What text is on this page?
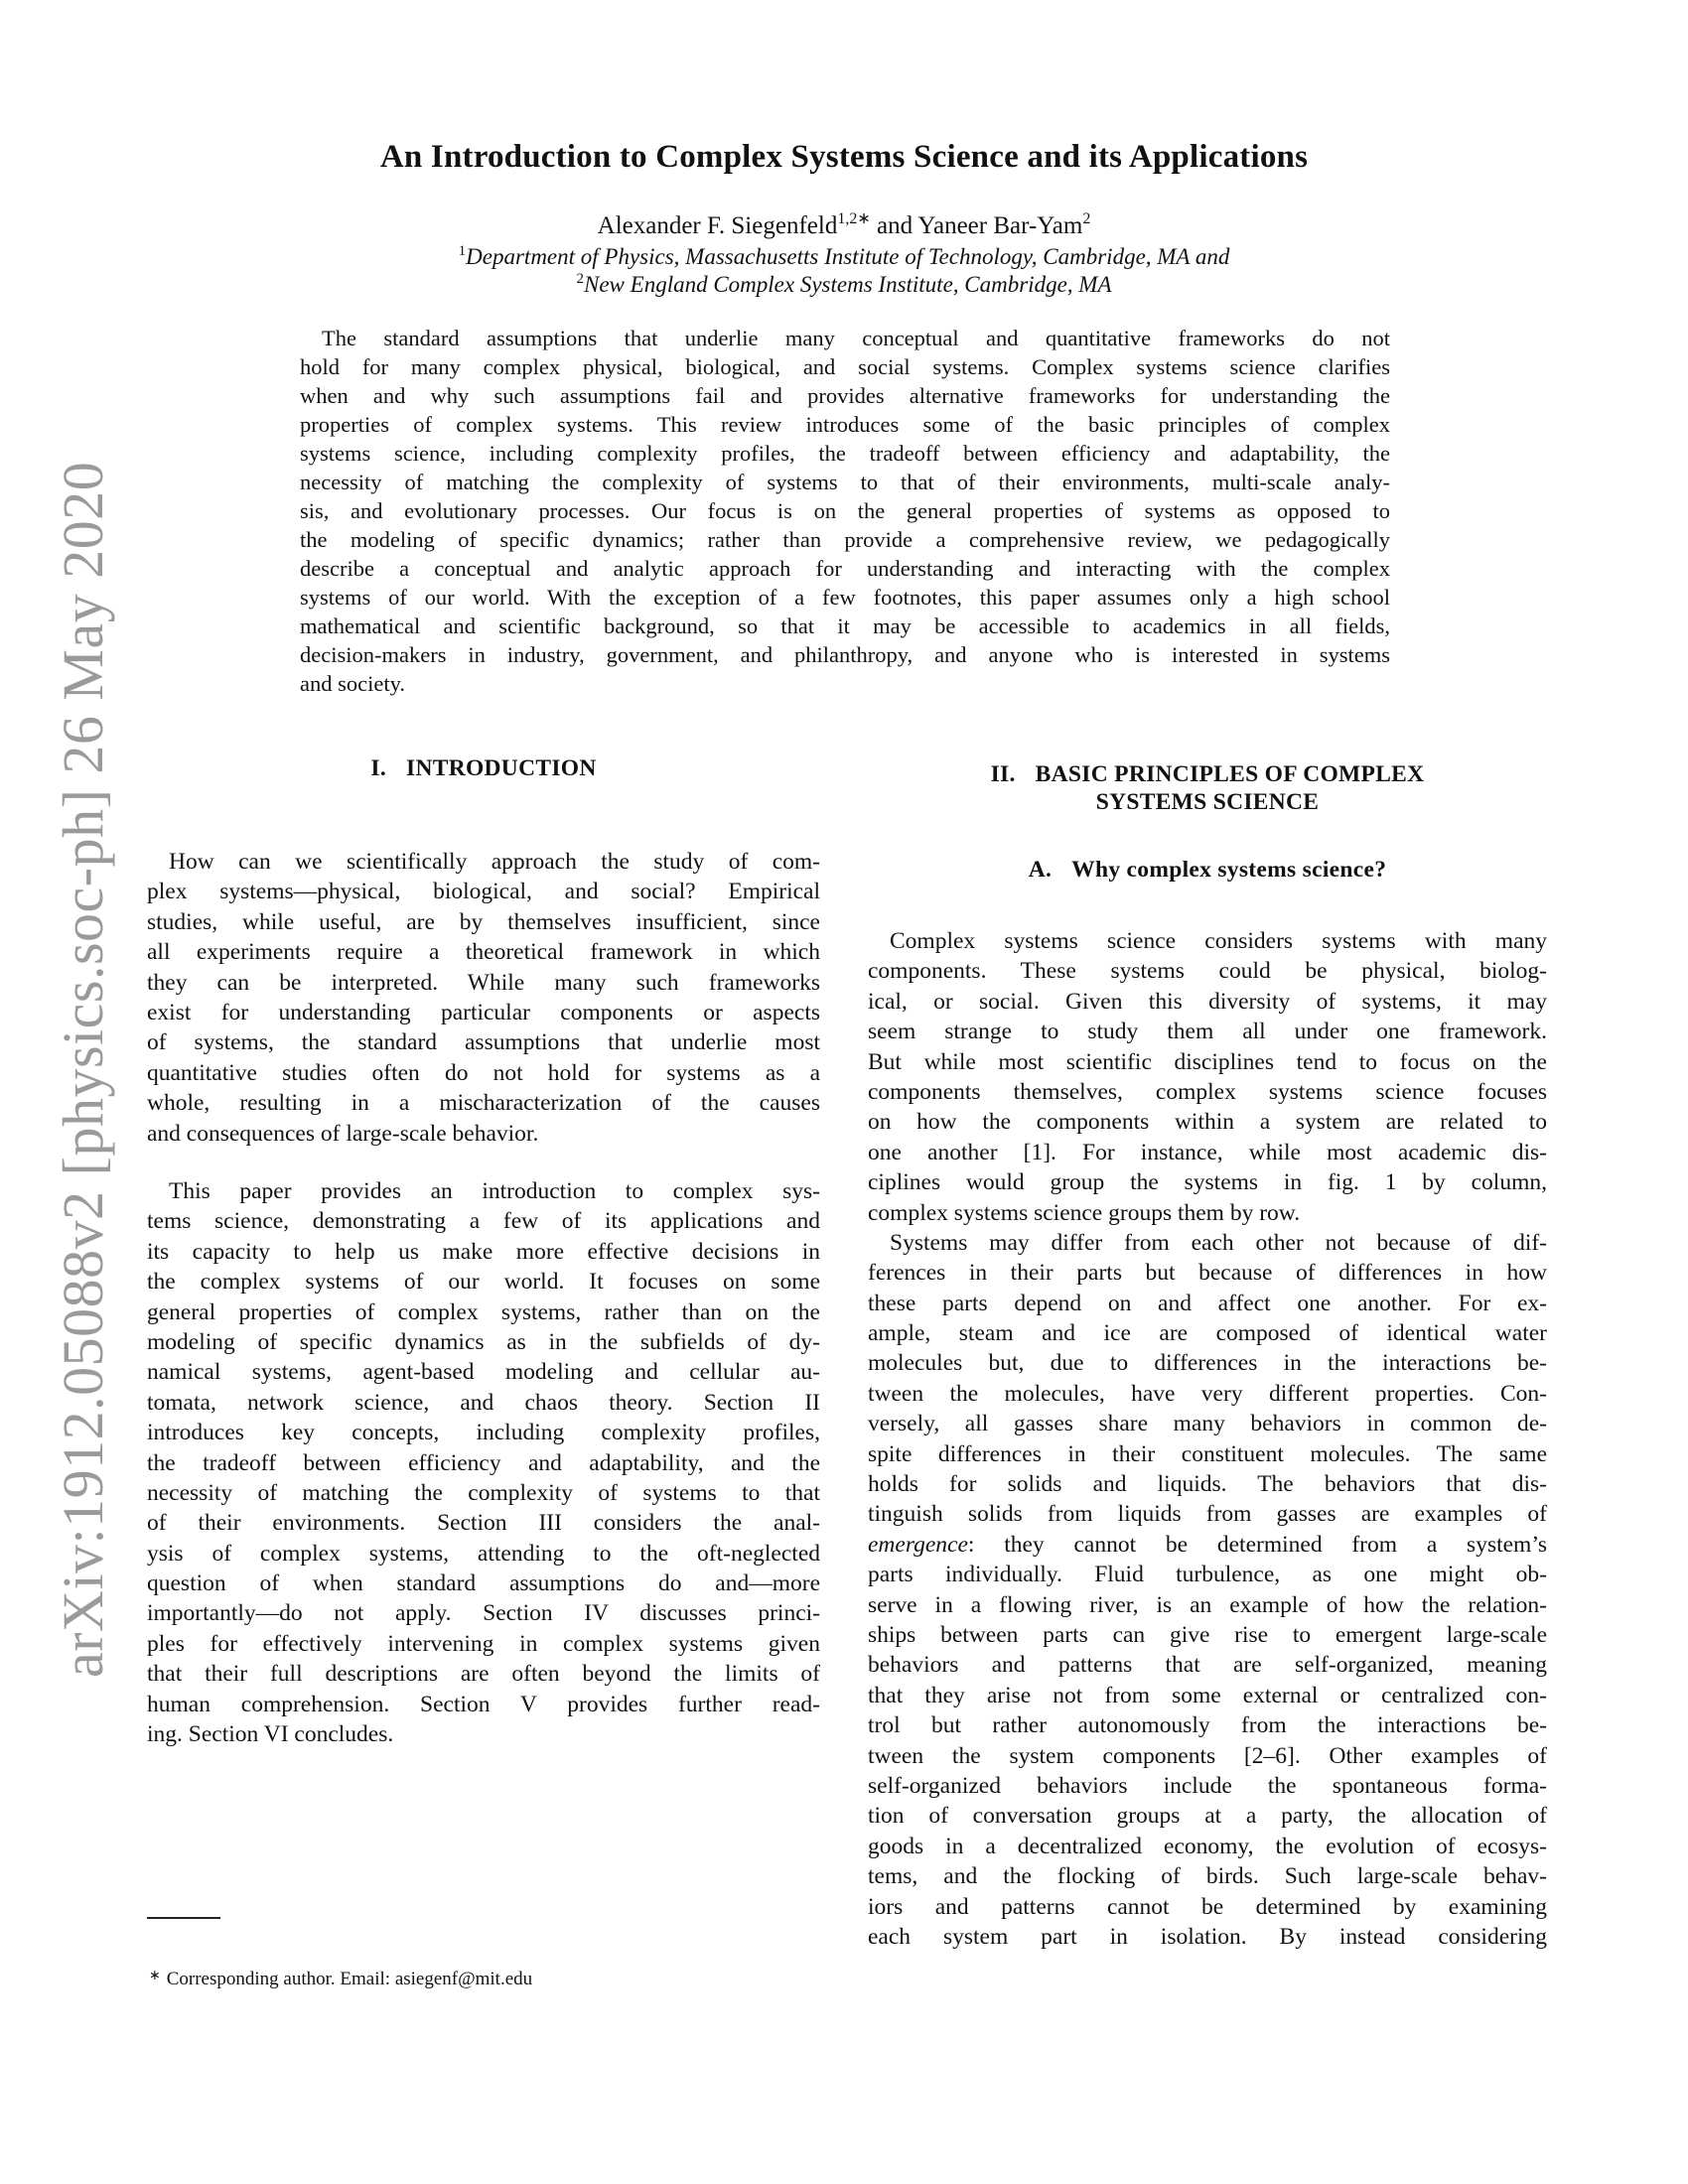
arXiv:1912.05088v2 [physics.soc-ph] 26 May 2020
An Introduction to Complex Systems Science and its Applications
Alexander F. Siegenfeld$^{1,2∗}$ and Yaneer Bar-Yam$^2$
$^1$Department of Physics, Massachusetts Institute of Technology, Cambridge, MA and
$^2$New England Complex Systems Institute, Cambridge, MA
The standard assumptions that underlie many conceptual and quantitative frameworks do not
hold for many complex physical, biological, and social systems. Complex systems science clarifies
when and why such assumptions fail and provides alternative frameworks for understanding the
properties of complex systems. This review introduces some of the basic principles of complex
systems science, including complexity profiles, the tradeoff between efficiency and adaptability, the
necessity of matching the complexity of systems to that of their environments, multi-scale analy-
sis, and evolutionary processes. Our focus is on the general properties of systems as opposed to
the modeling of specific dynamics; rather than provide a comprehensive review, we pedagogically
describe a conceptual and analytic approach for understanding and interacting with the complex
systems of our world. With the exception of a few footnotes, this paper assumes only a high school
mathematical and scientific background, so that it may be accessible to academics in all fields,
decision-makers in industry, government, and philanthropy, and anyone who is interested in systems
and society.
I. INTRODUCTION
How can we scientifically approach the study of com-
plex systems—physical, biological, and social? Empirical
studies, while useful, are by themselves insufficient, since
all experiments require a theoretical framework in which
they can be interpreted. While many such frameworks
exist for understanding particular components or aspects
of systems, the standard assumptions that underlie most
quantitative studies often do not hold for systems as a
whole, resulting in a mischaracterization of the causes
and consequences of large-scale behavior.
This paper provides an introduction to complex sys-
tems science, demonstrating a few of its applications and
its capacity to help us make more effective decisions in
the complex systems of our world. It focuses on some
general properties of complex systems, rather than on the
modeling of specific dynamics as in the subfields of dy-
namical systems, agent-based modeling and cellular au-
tomata, network science, and chaos theory. Section II
introduces key concepts, including complexity profiles,
the tradeoff between efficiency and adaptability, and the
necessity of matching the complexity of systems to that
of their environments. Section III considers the anal-
ysis of complex systems, attending to the oft-neglected
question of when standard assumptions do and—more
importantly—do not apply. Section IV discusses princi-
ples for effectively intervening in complex systems given
that their full descriptions are often beyond the limits of
human comprehension. Section V provides further read-
ing. Section VI concludes.
∗ Corresponding author. Email: asiegenf@mit.edu
II. BASIC PRINCIPLES OF COMPLEX
SYSTEMS SCIENCE
A. Why complex systems science?
Complex systems science considers systems with many
components. These systems could be physical, biolog-
ical, or social. Given this diversity of systems, it may
seem strange to study them all under one framework.
But while most scientific disciplines tend to focus on the
components themselves, complex systems science focuses
on how the components within a system are related to
one another [1]. For instance, while most academic dis-
ciplines would group the systems in fig. 1 by column,
complex systems science groups them by row.
Systems may differ from each other not because of dif-
ferences in their parts but because of differences in how
these parts depend on and affect one another. For ex-
ample, steam and ice are composed of identical water
molecules but, due to differences in the interactions be-
tween the molecules, have very different properties. Con-
versely, all gasses share many behaviors in common de-
spite differences in their constituent molecules. The same
holds for solids and liquids. The behaviors that dis-
tinguish solids from liquids from gasses are examples of
emergence: they cannot be determined from a system’s
parts individually. Fluid turbulence, as one might ob-
serve in a flowing river, is an example of how the relation-
ships between parts can give rise to emergent large-scale
behaviors and patterns that are self-organized, meaning
that they arise not from some external or centralized con-
trol but rather autonomously from the interactions be-
tween the system components [2–6]. Other examples of
self-organized behaviors include the spontaneous forma-
tion of conversation groups at a party, the allocation of
goods in a decentralized economy, the evolution of ecosys-
tems, and the flocking of birds. Such large-scale behav-
iors and patterns cannot be determined by examining
each system part in isolation. By instead considering
